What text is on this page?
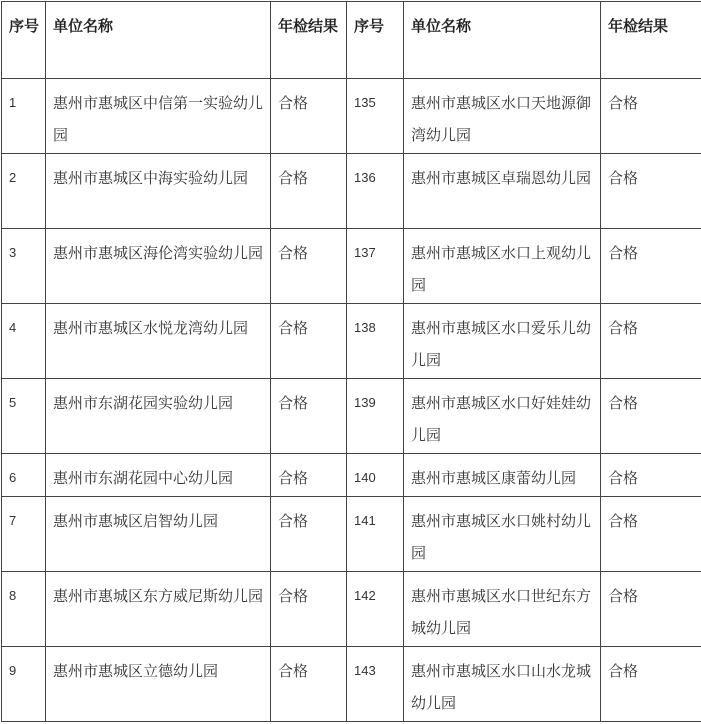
序号	单位名称	年检结果	序号	单位名称	年检结果
1	惠州市惠城区中信第一实验幼儿园	合格	135	惠州市惠城区水口天地源御湾幼儿园	合格
2	惠州市惠城区中海实验幼儿园	合格	136	惠州市惠城区卓瑞恩幼儿园	合格
3	惠州市惠城区海伦湾实验幼儿园	合格	137	惠州市惠城区水口上观幼儿园	合格
4	惠州市惠城区水悦龙湾幼儿园	合格	138	惠州市惠城区水口爱乐儿幼儿园	合格
5	惠州市东湖花园实验幼儿园	合格	139	惠州市惠城区水口好娃娃幼儿园	合格
6	惠州市东湖花园中心幼儿园	合格	140	惠州市惠城区康蕾幼儿园	合格
7	惠州市惠城区启智幼儿园	合格	141	惠州市惠城区水口姚村幼儿园	合格
8	惠州市惠城区东方威尼斯幼儿园	合格	142	惠州市惠城区水口世纪东方城幼儿园	合格
9	惠州市惠城区立德幼儿园	合格	143	惠州市惠城区水口山水龙城幼儿园	合格
